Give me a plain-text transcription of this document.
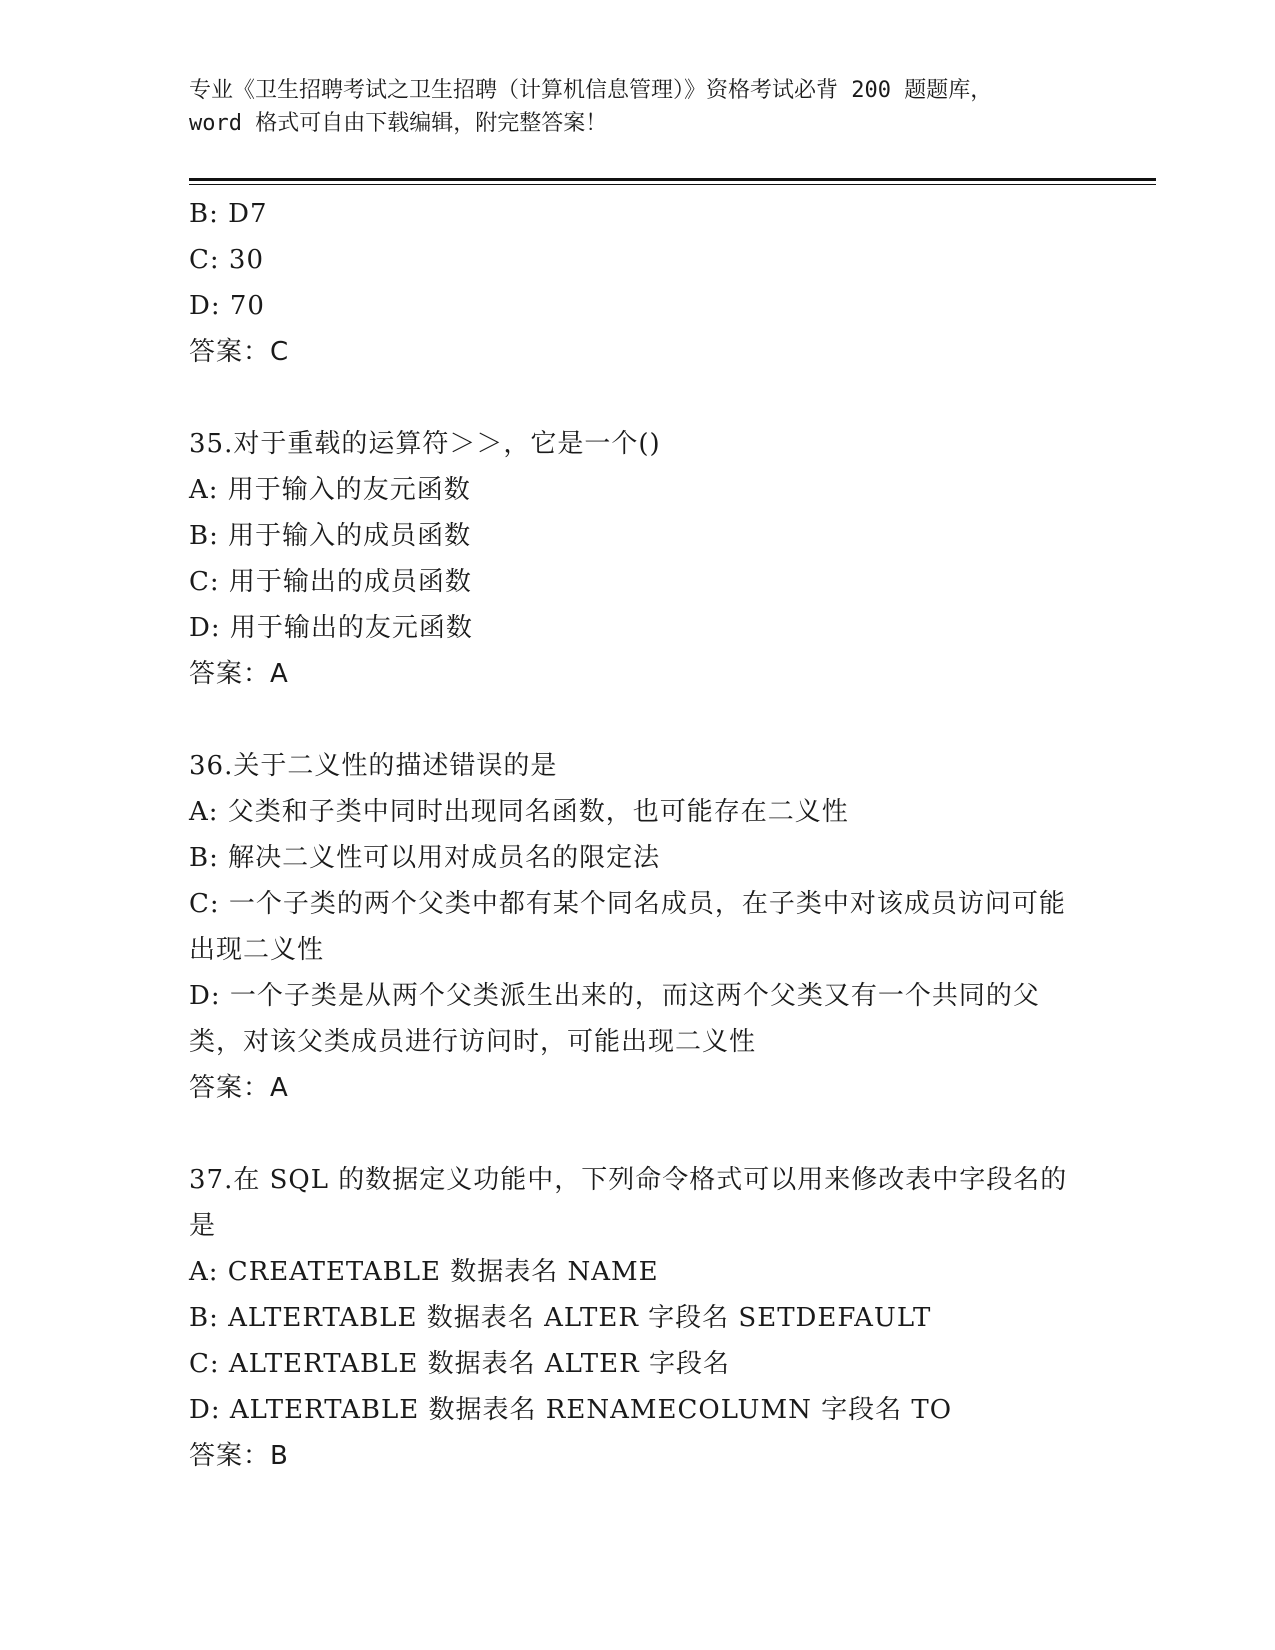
专业《卫生招聘考试之卫生招聘（计算机信息管理）》资格考试必背 200 题题库，
word 格式可自由下载编辑，附完整答案！
B: D7
C: 30
D: 70
答案：C
35.对于重载的运算符＞＞，它是一个()
A: 用于输入的友元函数
B: 用于输入的成员函数
C: 用于输出的成员函数
D: 用于输出的友元函数
答案：A
36.关于二义性的描述错误的是
A: 父类和子类中同时出现同名函数，也可能存在二义性
B: 解决二义性可以用对成员名的限定法
C: 一个子类的两个父类中都有某个同名成员，在子类中对该成员访问可能出现二义性
D: 一个子类是从两个父类派生出来的，而这两个父类又有一个共同的父类，对该父类成员进行访问时，可能出现二义性
答案：A
37.在 SQL 的数据定义功能中，下列命令格式可以用来修改表中字段名的是
A: CREATETABLE 数据表名 NAME
B: ALTERTABLE 数据表名 ALTER 字段名 SETDEFAULT
C: ALTERTABLE 数据表名 ALTER 字段名
D: ALTERTABLE 数据表名 RENAMECOLUMN 字段名 TO
答案：B
